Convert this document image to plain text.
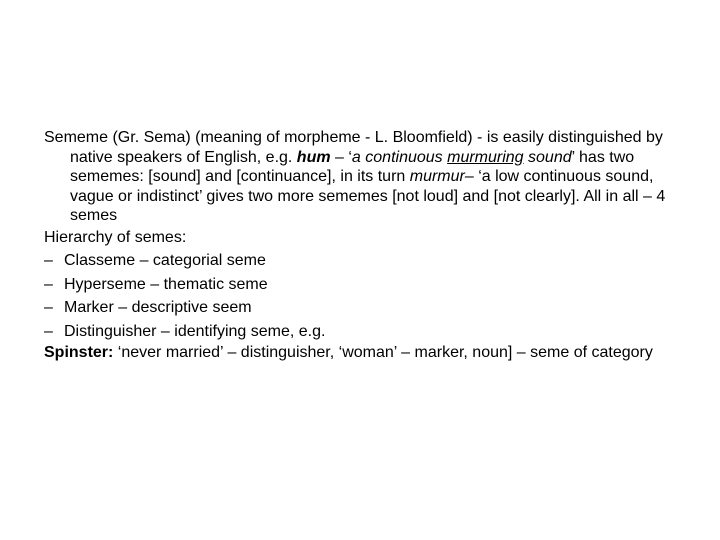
Sememe (Gr. Sema) (meaning of morpheme - L. Bloomfield) - is easily distinguished by native speakers of English, e.g. hum – ‘a continuous murmuring sound’ has two sememes: [sound] and [continuance], in its turn murmur– ‘a low continuous sound, vague or indistinct’ gives two more sememes [not loud] and [not clearly]. All in all – 4 semes

Hierarchy of semes:

– Classeme – categorial seme

– Hyperseme – thematic seme

– Marker – descriptive seem

– Distinguisher – identifying seme, e.g.

Spinster: ‘never married’ – distinguisher, ‘woman’ – marker, noun] – seme of category
